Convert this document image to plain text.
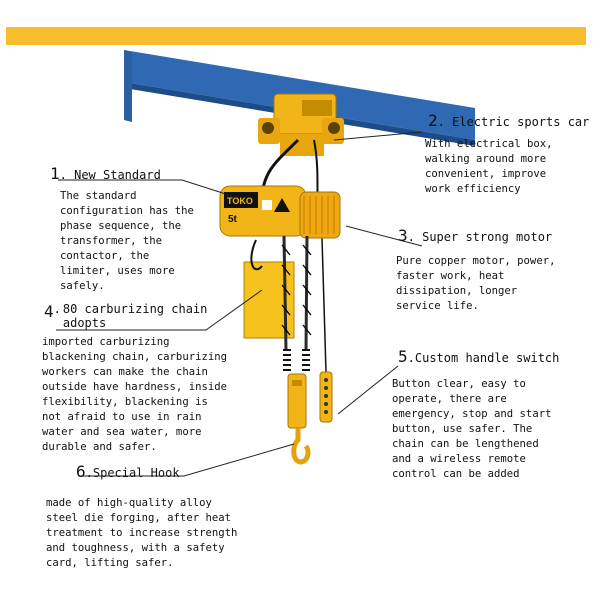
TOKO
5t
1. New Standard
The standard
configuration has the
phase sequence, the
transformer, the
contactor, the
limiter, uses more
safely.
2. Electric sports car
With electrical box,
walking around more
convenient, improve
work efficiency
3. Super strong motor
Pure copper motor, power,
faster work, heat
dissipation, longer
service life.
4 . 80 carburizing chain
adopts
imported carburizing
blackening chain, carburizing
workers can make the chain
outside have hardness, inside
flexibility, blackening is
not afraid to use in rain
water and sea water, more
durable and safer.
5.Custom handle switch
Button clear, easy to
operate, there are
emergency, stop and start
button, use safer. The
chain can be lengthened
and a wireless remote
control can be added
6.Special Hook
made of high-quality alloy
steel die forging, after heat
treatment to increase strength
and toughness, with a safety
card, lifting safer.
